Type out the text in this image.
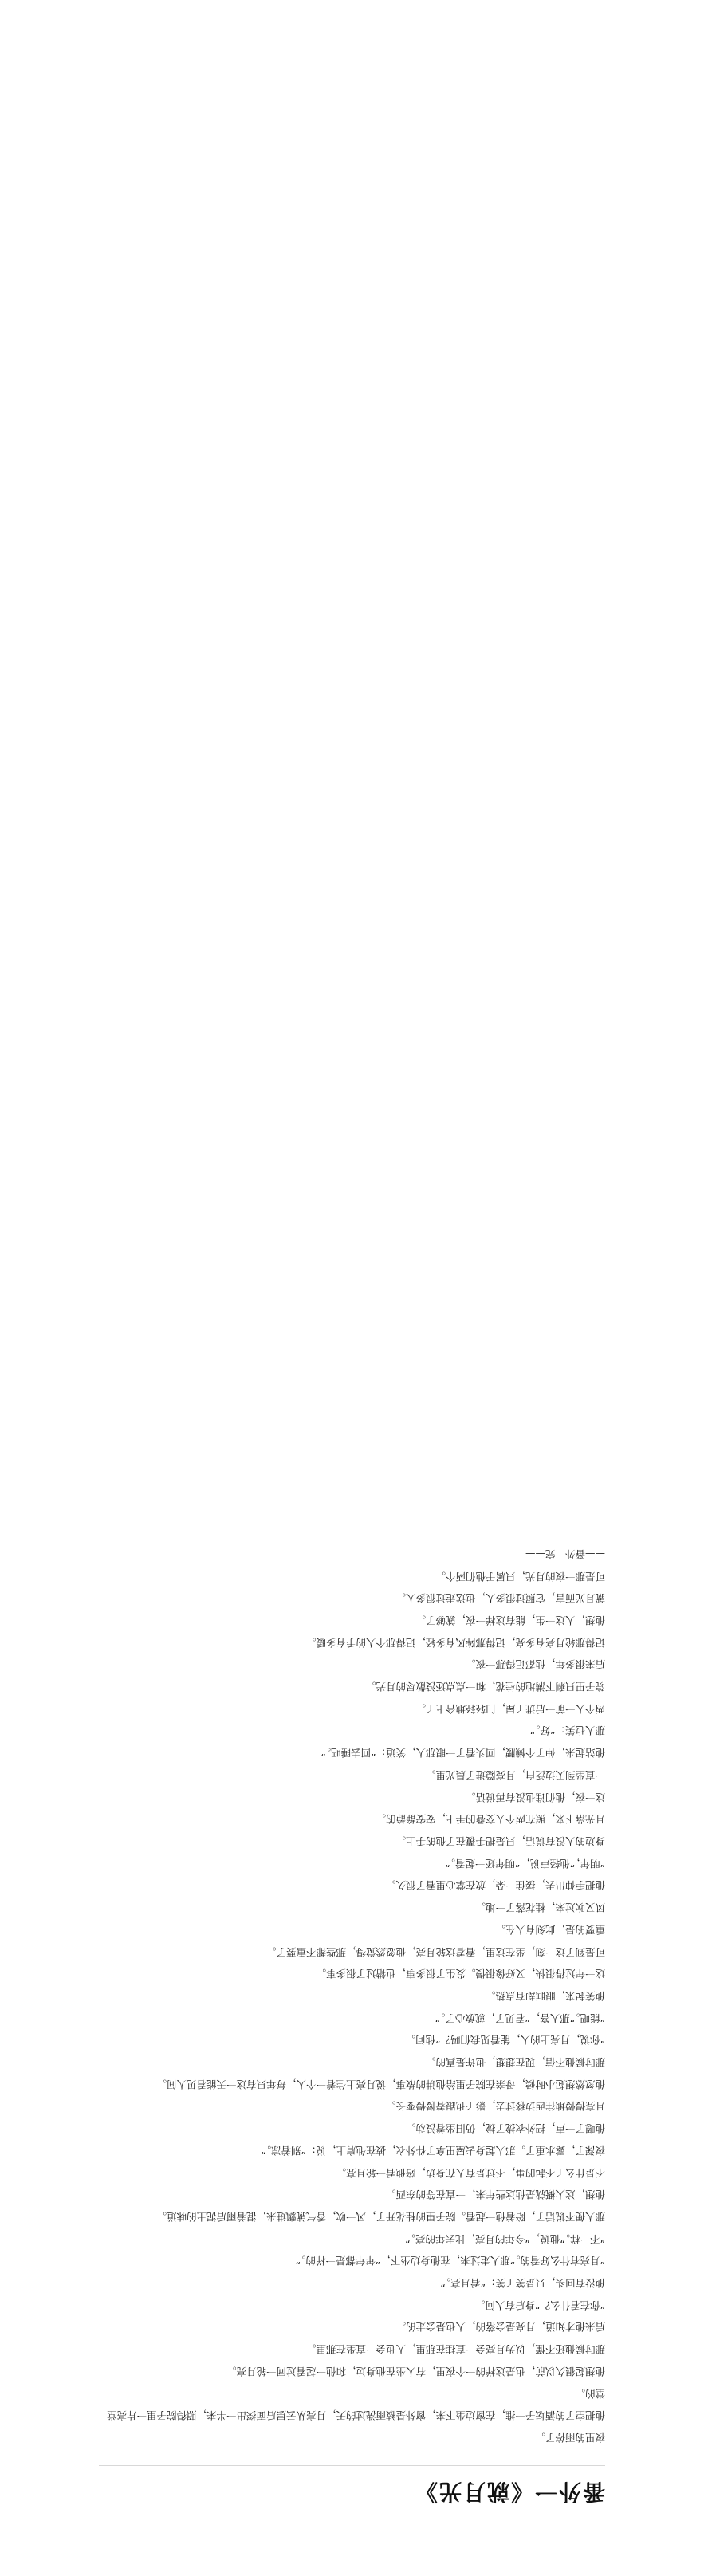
番外一《就月光》

夜里的雨停了。

他把空了的酒坛子一推，在窗边坐下来，窗外是被雨洗过的天，月亮从云层后面探出一半来，照得院子里一片亮堂堂的。

他想起很久以前，也是这样的一个夜里，有人坐在他身边，和他一起看过同一轮月亮。

那时候他还不懂，以为月亮会一直挂在那里，人也会一直坐在那里。

后来他才知道，月亮是会落的，人也是会走的。

“你在看什么？”身后有人问。

他没有回头，只是笑了笑：“看月亮。”

“月亮有什么好看的。”那人走过来，在他身边坐下，“年年都是一样的。”

“不一样。”他说，“今年的月亮，比去年的亮。”

那人便不说话了，陪着他一起看。院子里的桂花开了，风一吹，香气就飘进来，混着雨后泥土的味道。

他想，这大概就是他这些年来，一直在等的东西。

不是什么了不起的事，不过是有人在身边，陪他看一轮月亮。

夜深了，露水重了。那人起身去屋里拿了件外衣，披在他肩上，说：“别着凉。”

他嗯了一声，把外衣拢了拢，仍旧坐着没动。

月亮慢慢地往西边移过去，影子也跟着慢慢变长。

他忽然想起小时候，母亲在院子里给他讲的故事，说月亮上住着一个人，每年只有这一天能看见人间。

那时候他不信，现在想想，也许是真的。

“你说，月亮上的人，能看见我们吗？”他问。

“能吧。”那人答，“看见了，就放心了。”

他笑起来，眼眶却有点热。

这一年过得很快，又好像很慢。发生了很多事，也错过了很多事。

可是到了这一刻，坐在这里，看着这轮月亮，他忽然觉得，那些都不重要了。

重要的是，此刻有人在。

风又吹过来，桂花落了一地。

他把手伸出去，接住一朵，放在掌心里看了很久。

“明年，”他轻声说，“明年还一起看。”

身边的人没有说话，只是把手覆在了他的手上。

月光落下来，照在两个人交叠的手上，安安静静的。

这一夜，他们谁也没有再说话。

一直坐到天边泛白，月亮隐进了晨光里。

他站起来，伸了个懒腰，回头看了一眼那人，笑道：“回去睡吧。”

那人也笑：“好。”

两个人一前一后进了屋，门轻轻地合上了。

院子里只剩下满地的桂花，和一点点还没散尽的月光。

后来很多年，他都记得那一夜。

记得那轮月亮有多亮，记得那阵风有多轻，记得那个人的手有多暖。

他想，人这一生，能有这样一夜，就够了。

就月光而言，它照过很多人，也送走过很多人。

可是那一夜的月光，只属于他们两个。

——番外一完——
